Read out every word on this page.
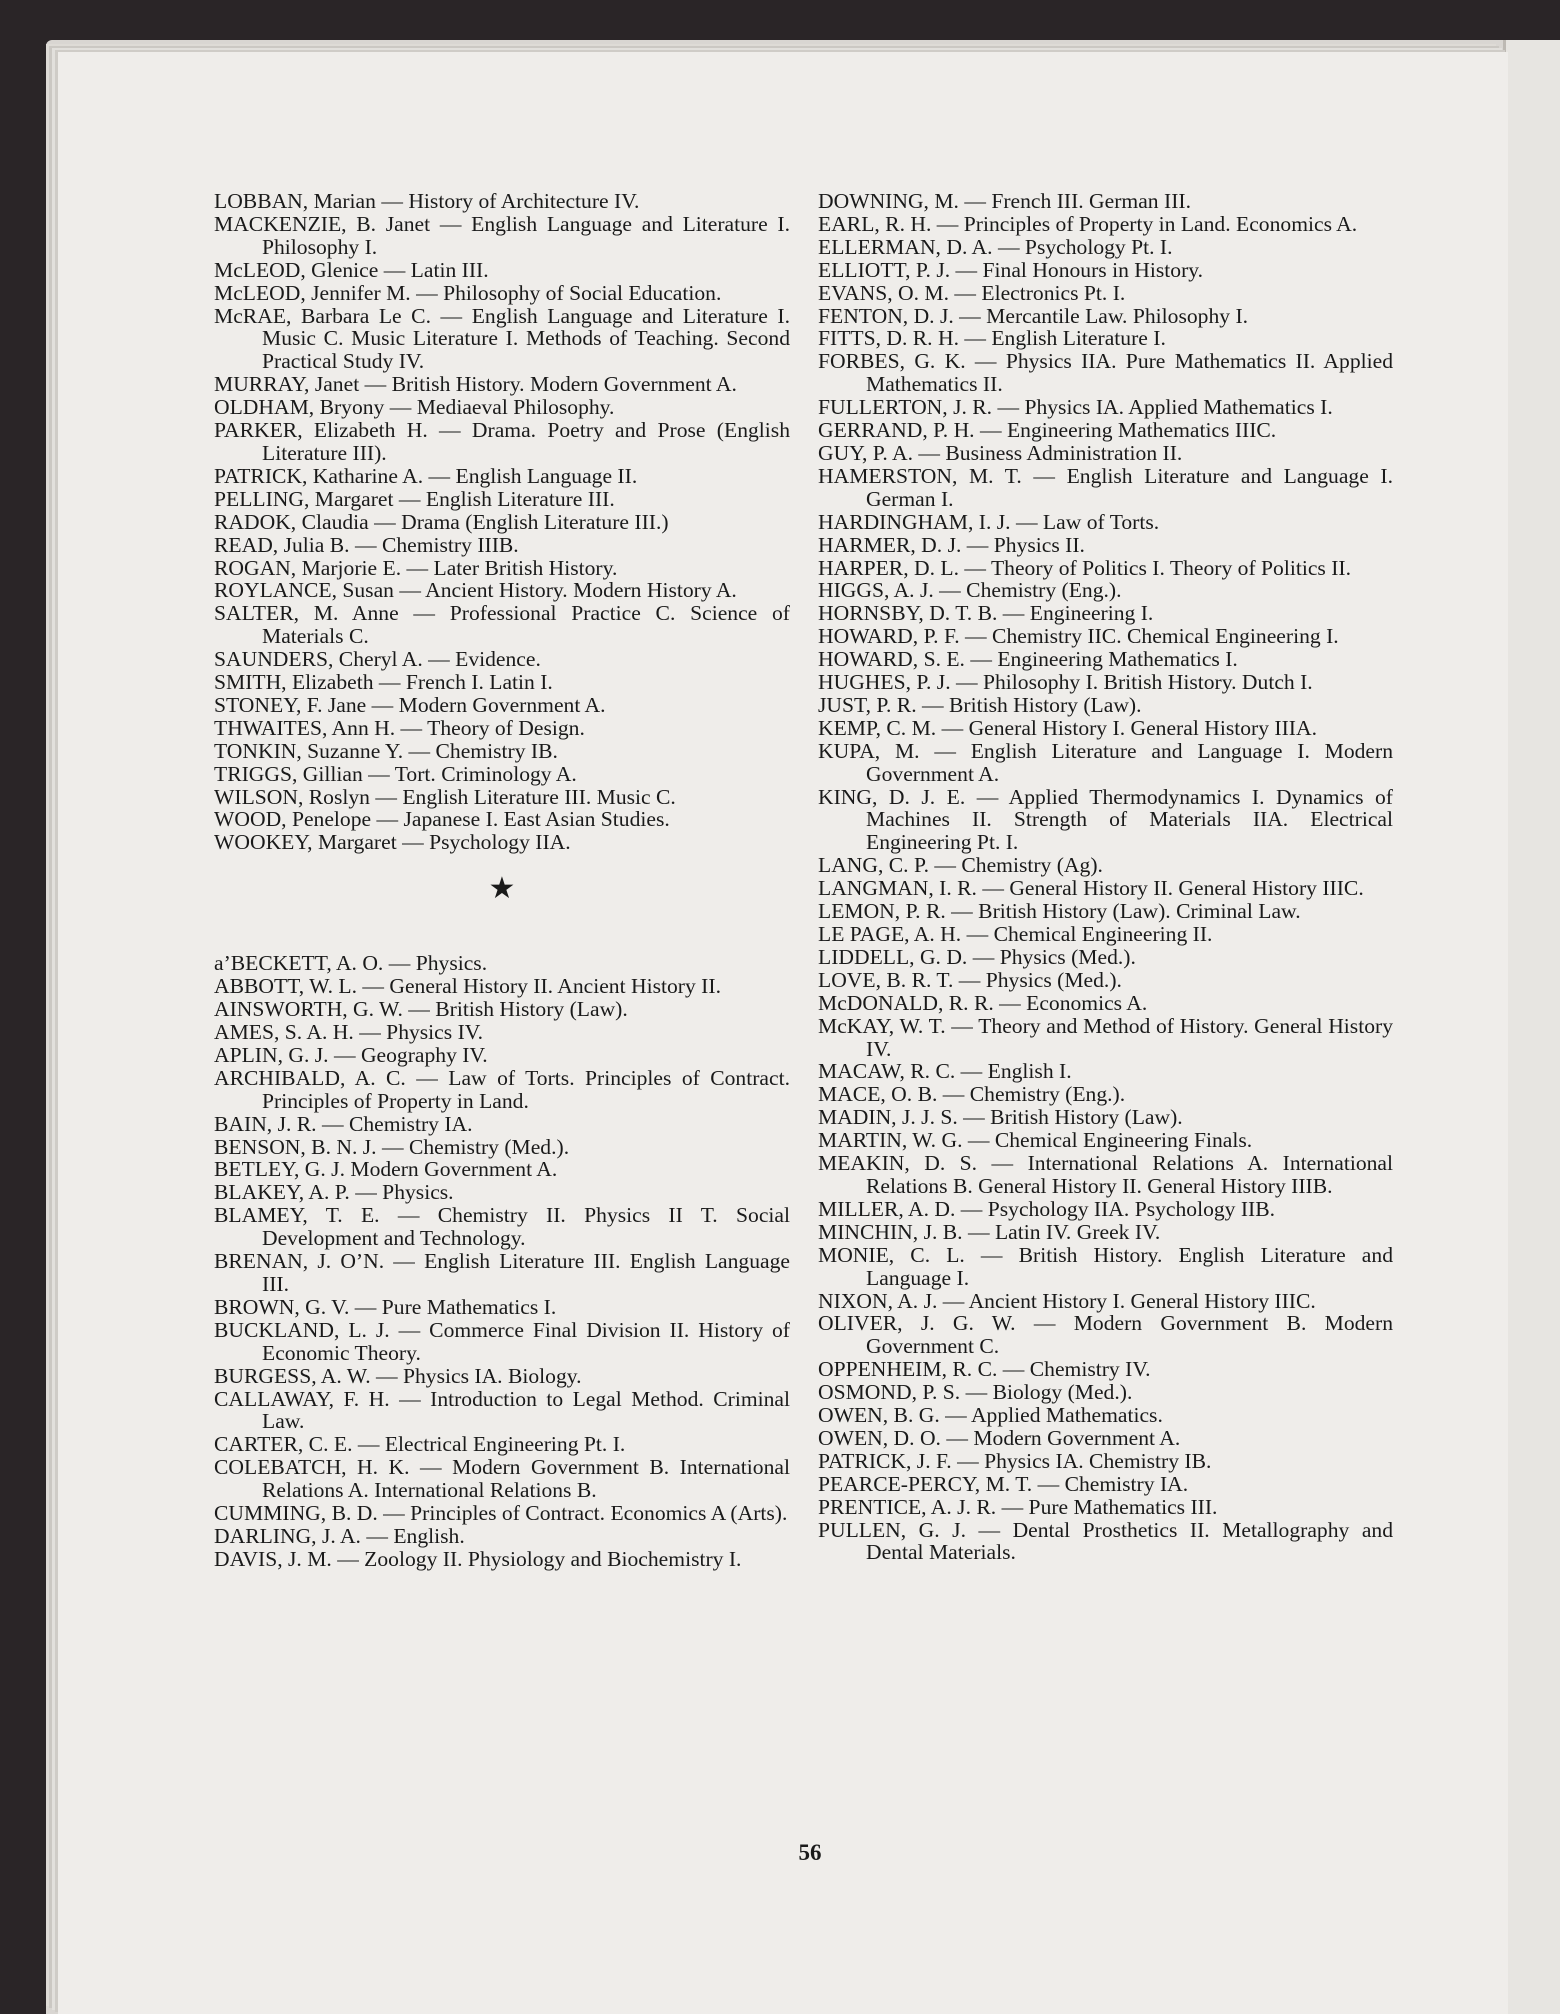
LOBBAN, Marian — History of Architecture IV.
MACKENZIE, B. Janet — English Language and Literature I. Philosophy I.
McLEOD, Glenice — Latin III.
McLEOD, Jennifer M. — Philosophy of Social Education.
McRAE, Barbara Le C. — English Language and Literature I. Music C. Music Literature I. Methods of Teaching. Second Practical Study IV.
MURRAY, Janet — British History. Modern Government A.
OLDHAM, Bryony — Mediaeval Philosophy.
PARKER, Elizabeth H. — Drama. Poetry and Prose (English Literature III).
PATRICK, Katharine A. — English Language II.
PELLING, Margaret — English Literature III.
RADOK, Claudia — Drama (English Literature III.)
READ, Julia B. — Chemistry IIIB.
ROGAN, Marjorie E. — Later British History.
ROYLANCE, Susan — Ancient History. Modern History A.
SALTER, M. Anne — Professional Practice C. Science of Materials C.
SAUNDERS, Cheryl A. — Evidence.
SMITH, Elizabeth — French I. Latin I.
STONEY, F. Jane — Modern Government A.
THWAITES, Ann H. — Theory of Design.
TONKIN, Suzanne Y. — Chemistry IB.
TRIGGS, Gillian — Tort. Criminology A.
WILSON, Roslyn — English Literature III. Music C.
WOOD, Penelope — Japanese I. East Asian Studies.
WOOKEY, Margaret — Psychology IIA.
★
a’BECKETT, A. O. — Physics.
ABBOTT, W. L. — General History II. Ancient History II.
AINSWORTH, G. W. — British History (Law).
AMES, S. A. H. — Physics IV.
APLIN, G. J. — Geography IV.
ARCHIBALD, A. C. — Law of Torts. Principles of Contract. Principles of Property in Land.
BAIN, J. R. — Chemistry IA.
BENSON, B. N. J. — Chemistry (Med.).
BETLEY, G. J. Modern Government A.
BLAKEY, A. P. — Physics.
BLAMEY, T. E. — Chemistry II. Physics II T. Social Development and Technology.
BRENAN, J. O’N. — English Literature III. English Language III.
BROWN, G. V. — Pure Mathematics I.
BUCKLAND, L. J. — Commerce Final Division II. History of Economic Theory.
BURGESS, A. W. — Physics IA. Biology.
CALLAWAY, F. H. — Introduction to Legal Method. Criminal Law.
CARTER, C. E. — Electrical Engineering Pt. I.
COLEBATCH, H. K. — Modern Government B. International Relations A. International Relations B.
CUMMING, B. D. — Principles of Contract. Economics A (Arts).
DARLING, J. A. — English.
DAVIS, J. M. — Zoology II. Physiology and Biochemistry I.
DOWNING, M. — French III. German III.
EARL, R. H. — Principles of Property in Land. Economics A.
ELLERMAN, D. A. — Psychology Pt. I.
ELLIOTT, P. J. — Final Honours in History.
EVANS, O. M. — Electronics Pt. I.
FENTON, D. J. — Mercantile Law. Philosophy I.
FITTS, D. R. H. — English Literature I.
FORBES, G. K. — Physics IIA. Pure Mathematics II. Applied Mathematics II.
FULLERTON, J. R. — Physics IA. Applied Mathematics I.
GERRAND, P. H. — Engineering Mathematics IIIC.
GUY, P. A. — Business Administration II.
HAMERSTON, M. T. — English Literature and Language I. German I.
HARDINGHAM, I. J. — Law of Torts.
HARMER, D. J. — Physics II.
HARPER, D. L. — Theory of Politics I. Theory of Politics II.
HIGGS, A. J. — Chemistry (Eng.).
HORNSBY, D. T. B. — Engineering I.
HOWARD, P. F. — Chemistry IIC. Chemical Engineering I.
HOWARD, S. E. — Engineering Mathematics I.
HUGHES, P. J. — Philosophy I. British History. Dutch I.
JUST, P. R. — British History (Law).
KEMP, C. M. — General History I. General History IIIA.
KUPA, M. — English Literature and Language I. Modern Government A.
KING, D. J. E. — Applied Thermodynamics I. Dynamics of Machines II. Strength of Materials IIA. Electrical Engineering Pt. I.
LANG, C. P. — Chemistry (Ag).
LANGMAN, I. R. — General History II. General History IIIC.
LEMON, P. R. — British History (Law). Criminal Law.
LE PAGE, A. H. — Chemical Engineering II.
LIDDELL, G. D. — Physics (Med.).
LOVE, B. R. T. — Physics (Med.).
McDONALD, R. R. — Economics A.
McKAY, W. T. — Theory and Method of History. General History IV.
MACAW, R. C. — English I.
MACE, O. B. — Chemistry (Eng.).
MADIN, J. J. S. — British History (Law).
MARTIN, W. G. — Chemical Engineering Finals.
MEAKIN, D. S. — International Relations A. International Relations B. General History II. General History IIIB.
MILLER, A. D. — Psychology IIA. Psychology IIB.
MINCHIN, J. B. — Latin IV. Greek IV.
MONIE, C. L. — British History. English Literature and Language I.
NIXON, A. J. — Ancient History I. General History IIIC.
OLIVER, J. G. W. — Modern Government B. Modern Government C.
OPPENHEIM, R. C. — Chemistry IV.
OSMOND, P. S. — Biology (Med.).
OWEN, B. G. — Applied Mathematics.
OWEN, D. O. — Modern Government A.
PATRICK, J. F. — Physics IA. Chemistry IB.
PEARCE-PERCY, M. T. — Chemistry IA.
PRENTICE, A. J. R. — Pure Mathematics III.
PULLEN, G. J. — Dental Prosthetics II. Metallography and Dental Materials.
56
